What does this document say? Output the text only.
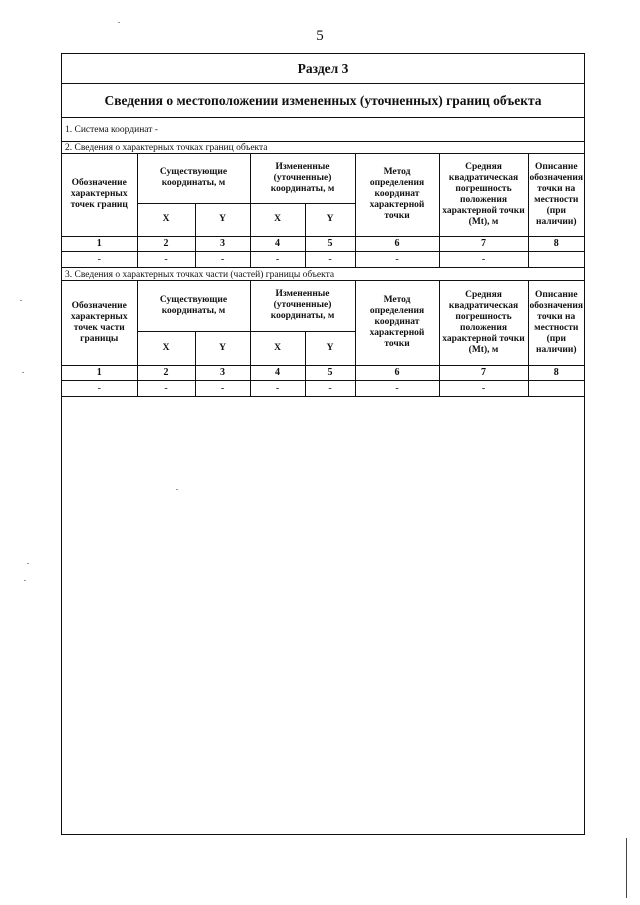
5
Раздел 3
Сведения о местоположении измененных (уточненных) границ объекта
1. Система координат -
2. Сведения о характерных точках границ объекта
Обозначение характерных точек границ	Существующие координаты, м		Измененные (уточненные) координаты, м		Метод определения координат характерной точки	Средняя квадратическая погрешность положения характерной точки (Mt), м	Описание обозначения точки на местности (при наличии)
	X	Y	X	Y			
1	2	3	4	5	6	7	8
-	-	-	-	-	-	-	
3. Сведения о характерных точках части (частей) границы объекта
Обозначение характерных точек части границы	Существующие координаты, м		Измененные (уточненные) координаты, м		Метод определения координат характерной точки	Средняя квадратическая погрешность положения характерной точки (Mt), м	Описание обозначения точки на местности (при наличии)
	X	Y	X	Y			
1	2	3	4	5	6	7	8
-	-	-	-	-	-	-	
